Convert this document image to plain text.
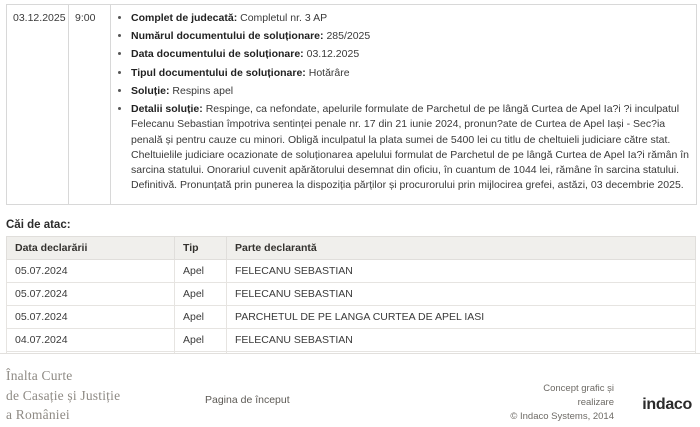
03.12.2025	9:00	
•Complet de judecată: Completul nr. 3 AP
• Numărul documentului de soluționare: 285/2025
• Data documentului de soluționare: 03.12.2025
• Tipul documentului de soluționare: Hotărâre
• Soluție: Respins apel
• Detalii soluție: Respinge, ca nefondate, apelurile formulate de Parchetul de pe lângă Curtea de Apel Ia?i ?i inculpatul Felecanu Sebastian împotriva sentinței penale nr. 17 din 21 iunie 2024, pronun?ate de Curtea de Apel Iași - Sec?ia penală și pentru cauze cu minori. Obligă inculpatul la plata sumei de 5400 lei cu titlu de cheltuieli judiciare către stat. Cheltuielile judiciare ocazionate de soluționarea apelului formulat de Parchetul de pe lângă Curtea de Apel Ia?i rămân în sarcina statului. Onorariul cuvenit apărătorului desemnat din oficiu, în cuantum de 1044 lei, rămâne în sarcina statului. Definitivă. Pronunțată prin punerea la dispoziția părților și procurorului prin mijlocirea grefei, astăzi, 03 decembrie 2025.
Căi de atac:
Data declarării	Tip	Parte declarantă
05.07.2024	Apel	FELECANU SEBASTIAN
05.07.2024	Apel	FELECANU SEBASTIAN
05.07.2024	Apel	PARCHETUL DE PE LANGA CURTEA DE APEL IASI
04.07.2024	Apel	FELECANU SEBASTIAN

Înalta Curte
de Casație și Justiție
a României
Pagina de început
Concept grafic și
realizare
© Indaco Systems, 2014
indaco
